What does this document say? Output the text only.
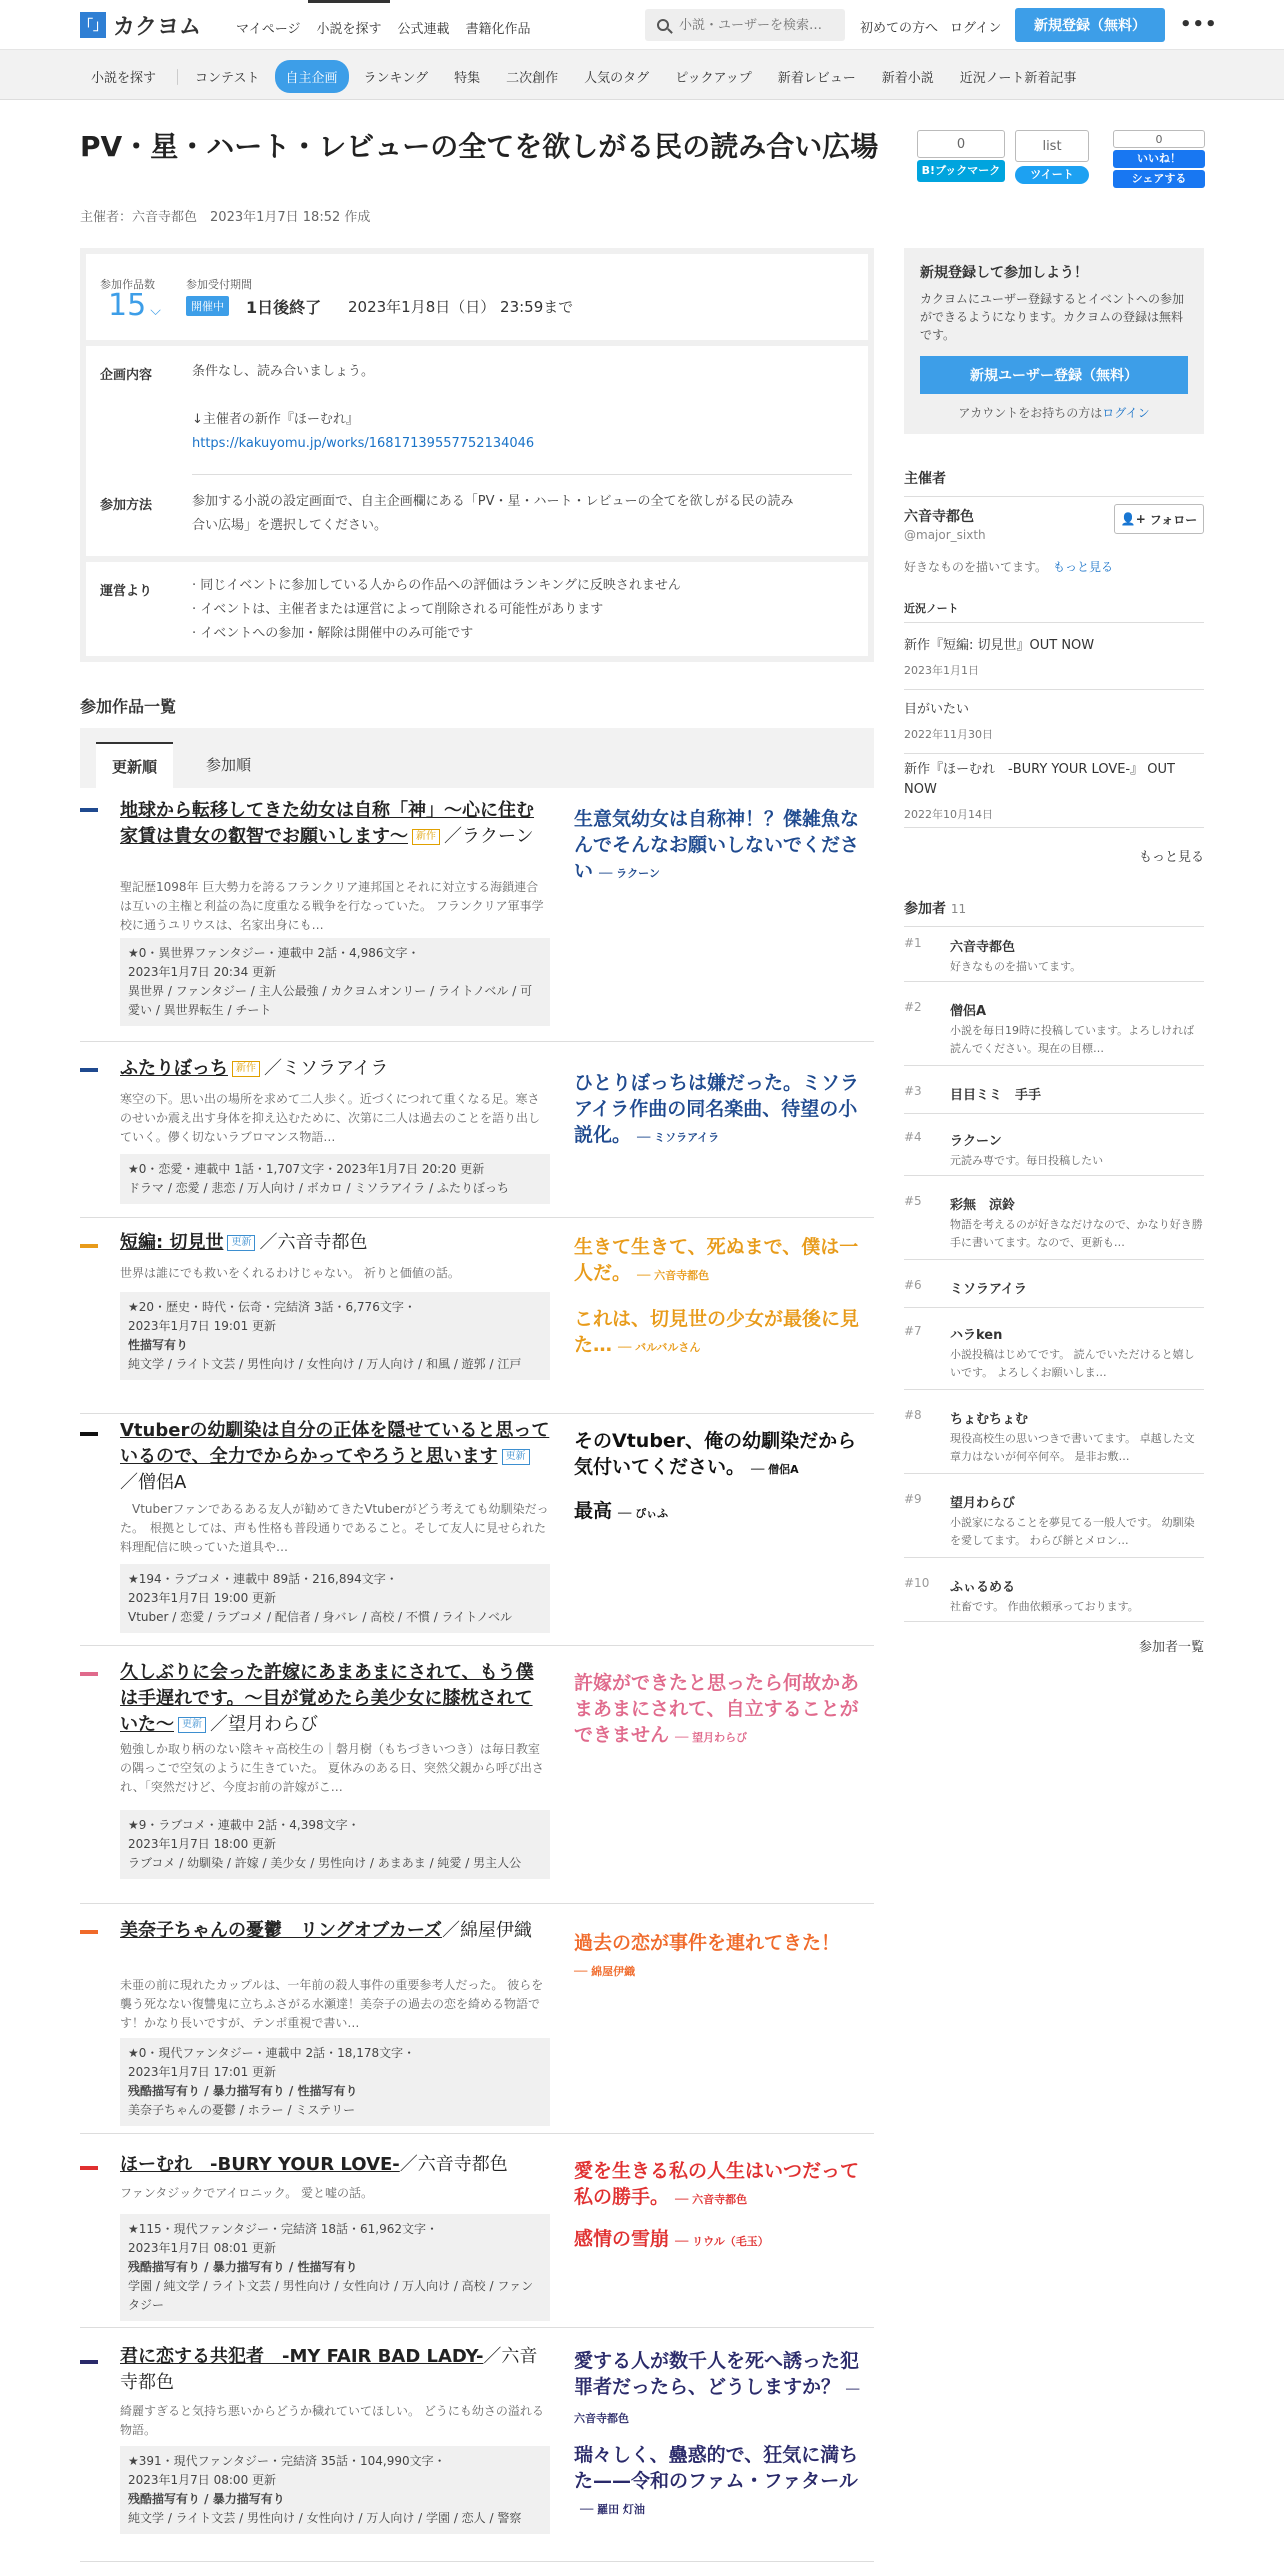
「」 カクヨム	マイページ	小説を探す	公式連載	書籍化作品
小説・ユーザーを検索…	初めての方へ ログイン	新規登録（無料）	•••
小説を探す	コンテスト	自主企画	ランキング	特集	二次創作	人気のタグ	ピックアップ	新着レビュー	新着小説	近況ノート新着記事
PV・星・ハート・レビューの全てを欲しがる民の読み合い広場
主催者：六音寺都色　 2023年1月7日 18:52 作成
0
B!ブックマーク
list
ツイート
0
いいね！
シェアする
参加作品数
15 ⌵
参加受付期間
開催中	1日後終了 2023年1月8日（日） 23:59まで
企画内容	条件なし、読み合いましょう。
↓主催者の新作『ほーむれ』
https://kakuyomu.jp/works/16817139557752134046
参加方法	参加する小説の設定画面で、自主企画欄にある「PV・星・ハート・レビューの全てを欲しがる民の読み
合い広場」を選択してください。
運営より	· 同じイベントに参加している人からの作品への評価はランキングに反映されません
· イベントは、主催者または運営によって削除される可能性があります
· イベントへの参加・解除は開催中のみ可能です
参加作品一覧
更新順	参加順
地球から転移してきた幼女は自称「神」〜心に住む家賃は貴女の叡智でお願いします〜 新作 ／ラクーン
聖記歴1098年 巨大勢力を誇るフランクリア連邦国とそれに対立する海鎖連合は互いの主権と利益の為に度重なる戦争を行なっていた。 フランクリア軍事学校に通うユリウスは、名家出身にも…
★0・異世界ファンタジー・連載中 2話・4,986文字・
2023年1月7日 20:34 更新
異世界 / ファンタジー / 主人公最強 / カクヨムオンリー / ライトノベル / 可愛い / 異世界転生 / チート
生意気幼女は自称神！？傑雑魚なんでそんなお願いしないでください ── ラクーン
ふたりぼっち 新作 ／ミソラアイラ
寒空の下。思い出の場所を求めて二人歩く。近づくにつれて重くなる足。寒さのせいか震え出す身体を抑え込むために、次第に二人は過去のことを語り出していく。儚く切ないラブロマンス物語…
★0・恋愛・連載中 1話・1,707文字・2023年1月7日 20:20 更新
ドラマ / 恋愛 / 悲恋 / 万人向け / ボカロ / ミソラアイラ / ふたりぼっち
ひとりぼっちは嫌だった。ミソラアイラ作曲の同名楽曲、待望の小説化。 ── ミソラアイラ
短編: 切見世 更新 ／六音寺都色
世界は誰にでも救いをくれるわけじゃない。 祈りと価値の話。
★20・歴史・時代・伝奇・完結済 3話・6,776文字・
2023年1月7日 19:01 更新
性描写有り
純文学 / ライト文芸 / 男性向け / 女性向け / 万人向け / 和風 / 遊郭 / 江戸
生きて生きて、死ぬまで、僕は一人だ。 ── 六音寺都色
これは、切見世の少女が最後に見た… ── バルバルさん
Vtuberの幼馴染は自分の正体を隠せていると思っているので、全力でからかってやろうと思います 更新／僧侶A
　Vtuberファンであるある友人が勧めてきたVtuberがどう考えても幼馴染だった。　根拠としては、声も性格も普段通りであること。そして友人に見せられた料理配信に映っていた道具や…
★194・ラブコメ・連載中 89話・216,894文字・
2023年1月7日 19:00 更新
Vtuber / 恋愛 / ラブコメ / 配信者 / 身バレ / 高校 / 不慣 / ライトノベル
そのVtuber、俺の幼馴染だから気付いてください。 ── 僧侶A
最高 ── ぴぃふ
久しぶりに会った許嫁にあまあまにされて、もう僕は手遅れです。〜目が覚めたら美少女に膝枕されていた〜 更新 ／望月わらび
勉強しか取り柄のない陰キャ高校生の｜磐月樹（もちづきいつき）は毎日教室の隅っこで空気のように生きていた。 夏休みのある日、突然父親から呼び出され、「突然だけど、今度お前の許嫁がこ…
★9・ラブコメ・連載中 2話・4,398文字・
2023年1月7日 18:00 更新
ラブコメ / 幼馴染 / 許嫁 / 美少女 / 男性向け / あまあま / 純愛 / 男主人公
許嫁ができたと思ったら何故かあまあまにされて、自立することができません ── 望月わらび
美奈子ちゃんの憂鬱　リングオブカーズ／綿屋伊織
未亜の前に現れたカップルは、一年前の殺人事件の重要参考人だった。 彼らを襲う死なない復讐鬼に立ちふさがる水瀬達！美奈子の過去の恋を綺める物語です！かなり長いですが、テンポ重視で書い…
★0・現代ファンタジー・連載中 2話・18,178文字・
2023年1月7日 17:01 更新
残酷描写有り / 暴力描写有り / 性描写有り
美奈子ちゃんの憂鬱 / ホラー / ミステリー
過去の恋が事件を連れてきた！
── 綿屋伊織
ほーむれ　-BURY YOUR LOVE-／六音寺都色
ファンタジックでアイロニック。 愛と嘘の話。
★115・現代ファンタジー・完結済 18話・61,962文字・
2023年1月7日 08:01 更新
残酷描写有り / 暴力描写有り / 性描写有り
学園 / 純文学 / ライト文芸 / 男性向け / 女性向け / 万人向け / 高校 / ファンタジー
愛を生きる私の人生はいつだって私の勝手。 ── 六音寺都色
感情の雪崩 ── リウル（毛玉）
君に恋する共犯者　-MY FAIR BAD LADY-／六音寺都色
綺麗すぎると気持ち悪いからどうか穢れていてほしい。 どうにも幼さの溢れる物語。
★391・現代ファンタジー・完結済 35話・104,990文字・
2023年1月7日 08:00 更新
残酷描写有り / 暴力描写有り
純文学 / ライト文芸 / 男性向け / 女性向け / 万人向け / 学園 / 恋人 / 警察
愛する人が数千人を死へ誘った犯罪者だったら、どうしますか？ ── 六音寺都色
瑞々しく、蠱惑的で、狂気に満ちた——令和のファム・ファタール── 羅田 灯油
新規登録して参加しよう！
カクヨムにユーザー登録するとイベントへの参加ができるようになります。カクヨムの登録は無料です。
新規ユーザー登録（無料）
アカウントをお持ちの方はログイン
主催者
六音寺都色
@major_sixth
👤+ フォロー
好きなものを描いてます。 もっと見る
近況ノート
新作『短編: 切見世』OUT NOW
2023年1月1日
目がいたい
2022年11月30日
新作『ほーむれ　-BURY YOUR LOVE-』 OUT NOW
2022年10月14日
もっと見る
参加者 11
#1 六音寺都色
好きなものを描いてます。
#2 僧侶A
小説を毎日19時に投稿しています。よろしければ読んでください。現在の目標…
#3 目目ミミ　手手
#4 ラクーン
元読み専です。毎日投稿したい
#5 彩無　涼鈴
物語を考えるのが好きなだけなので、かなり好き勝手に書いてます。なので、更新も…
#6 ミソラアイラ
#7 ハラken
小説投稿はじめてです。 読んでいただけると嬉しいです。 よろしくお願いしま…
#8 ちょむちょむ
現役高校生の思いつきで書いてます。 卓越した文章力はないが何卒何卒。 是非お敷…
#9 望月わらび
小説家になることを夢見てる一般人です。 幼馴染を愛してます。 わらび餅とメロン…
#10 ふぃるめる
社畜です。 作曲依頼承っております。
参加者一覧
